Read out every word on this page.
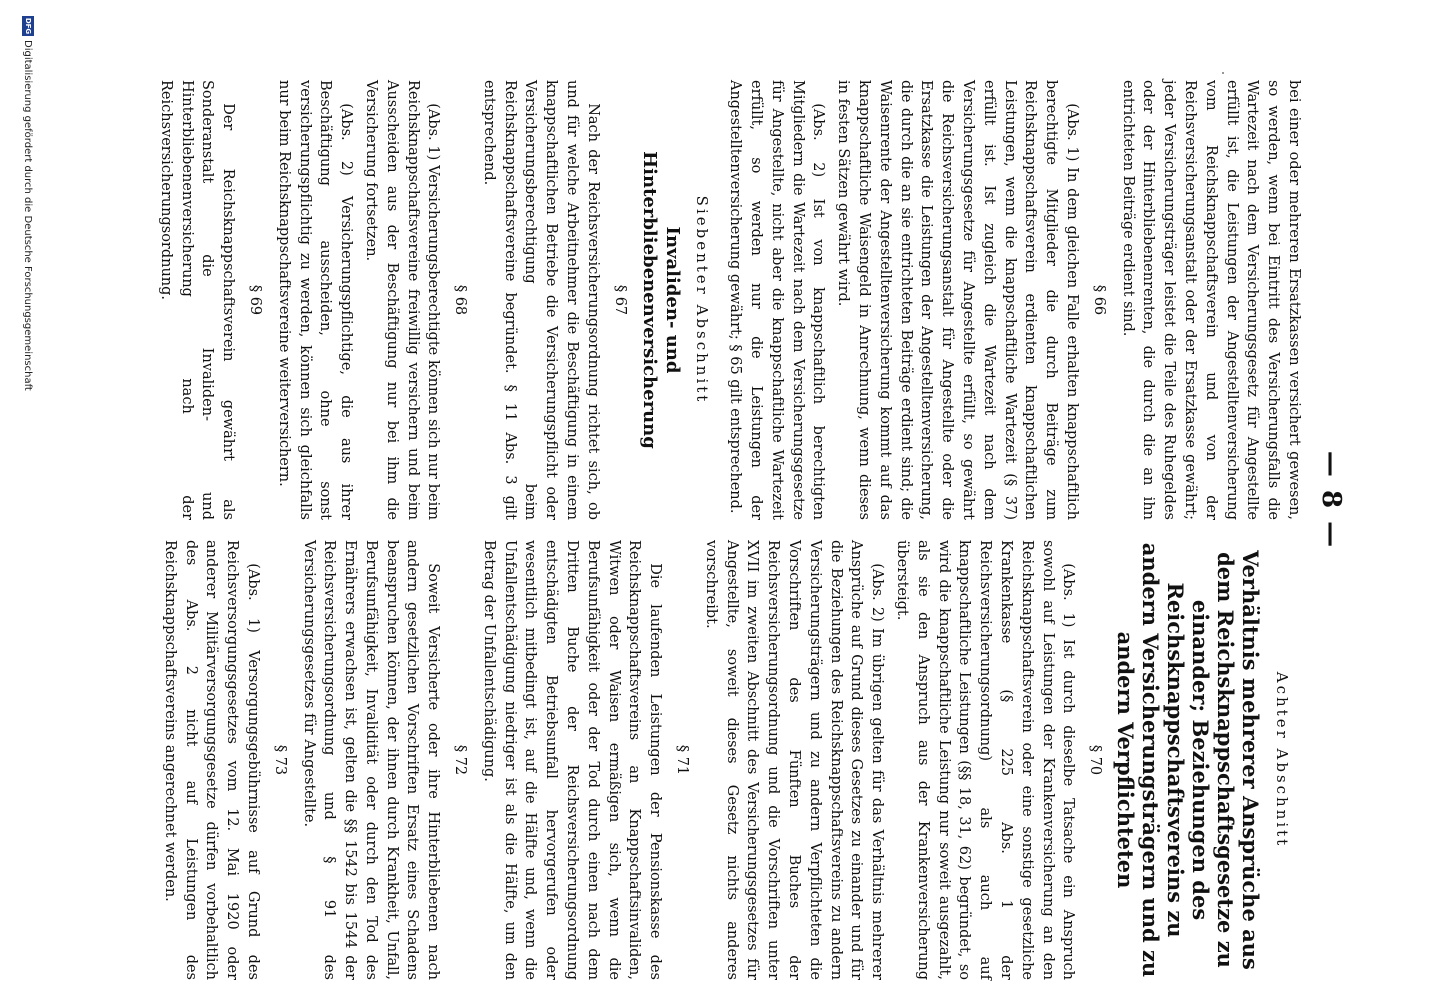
— 8 —

bei einer oder mehreren Ersatzkassen versichert gewesen, so werden, wenn bei Eintritt des Versicherungsfalls die Wartezeit nach dem Versicherungsgesetz für Angestellte erfüllt ist, die Leistungen der Angestelltenversicherung vom Reichsknappschaftsverein und von der Reichsversicherungsanstalt oder der Ersatzkasse gewährt; jeder Versicherungsträger leistet die Teile des Ruhegeldes oder der Hinterbliebenenrenten, die durch die an ihn entrichteten Beiträge erdient sind.

§ 66

(Abs. 1) In dem gleichen Falle erhalten knappschaftlich berechtigte Mitglieder die durch Beiträge zum Reichsknappschaftsverein erdienten knappschaftlichen Leistungen, wenn die knappschaftliche Wartezeit (§ 37) erfüllt ist. Ist zugleich die Wartezeit nach dem Versicherungsgesetze für Angestellte erfüllt, so gewährt die Reichsversicherungsanstalt für Angestellte oder die Ersatzkasse die Leistungen der Angestelltenversicherung, die durch die an sie entrichteten Beiträge erdient sind; die Waisenrente der Angestelltenversicherung kommt auf das knappschaftliche Waisengeld in Anrechnung, wenn dieses in festen Sätzen gewährt wird.

(Abs. 2) Ist von knappschaftlich berechtigten Mitgliedern die Wartezeit nach dem Versicherungsgesetze für Angestellte, nicht aber die knappschaftliche Wartezeit erfüllt, so werden nur die Leistungen der Angestelltenversicherung gewährt; § 65 gilt entsprechend.

Siebenter Abschnitt
Invaliden- und Hinterbliebenenversicherung
§ 67

Nach der Reichsversicherungsordnung richtet sich, ob und für welche Arbeitnehmer die Beschäftigung in einem knappschaftlichen Betriebe die Versicherungspflicht oder Versicherungsberechtigung beim Reichsknappschaftsvereine begründet. § 11 Abs. 3 gilt entsprechend.

§ 68

(Abs. 1) Versicherungsberechtigte können sich nur beim Reichsknappschaftsvereine freiwillig versichern und beim Ausscheiden aus der Beschäftigung nur bei ihm die Versicherung fortsetzen.

(Abs. 2) Versicherungspflichtige, die aus ihrer Beschäftigung ausscheiden, ohne sonst versicherungspflichtig zu werden, können sich gleichfalls nur beim Reichsknappschaftsvereine weiterversichern.

§ 69

Der Reichsknappschaftsverein gewährt als Sonderanstalt die Invaliden- und Hinterbliebenenversicherung nach der Reichsversicherungsordnung.

Achter Abschnitt
Verhältnis mehrerer Ansprüche aus dem Reichsknappschaftsgesetze zu einander; Beziehungen des Reichsknappschaftsvereins zu andern Versicherungsträgern und zu andern Verpflichteten
§ 70

(Abs. 1) Ist durch dieselbe Tatsache ein Anspruch sowohl auf Leistungen der Krankenversicherung an den Reichsknappschaftsverein oder eine sonstige gesetzliche Krankenkasse (§ 225 Abs. 1 der Reichsversicherungsordnung) als auch auf knappschaftliche Leistungen (§§ 18, 31, 62) begründet, so wird die knappschaftliche Leistung nur soweit ausgezahlt, als sie den Anspruch aus der Krankenversicherung übersteigt.

(Abs. 2) Im übrigen gelten für das Verhältnis mehrerer Ansprüche auf Grund dieses Gesetzes zu einander und für die Beziehungen des Reichsknappschaftsvereins zu andern Versicherungsträgern und zu andern Verpflichteten die Vorschriften des Fünften Buches der Reichsversicherungsordnung und die Vorschriften unter XVII im zweiten Abschnitt des Versicherungsgesetzes für Angestellte, soweit dieses Gesetz nichts anderes vorschreibt.

§ 71

Die laufenden Leistungen der Pensionskasse des Reichsknappschaftsvereins an Knappschaftsinvaliden, Witwen oder Waisen ermäßigen sich, wenn die Berufsunfähigkeit oder der Tod durch einen nach dem Dritten Buche der Reichsversicherungsordnung entschädigten Betriebsunfall hervorgerufen oder wesentlich mitbedingt ist, auf die Hälfte und, wenn die Unfallentschädigung niedriger ist als die Hälfte, um den Betrag der Unfallentschädigung.

§ 72

Soweit Versicherte oder ihre Hinterbliebenen nach andern gesetzlichen Vorschriften Ersatz eines Schadens beanspruchen können, der ihnen durch Krankheit, Unfall, Berufsunfähigkeit, Invalidität oder durch den Tod des Ernährers erwachsen ist, gelten die §§ 1542 bis 1544 der Reichsversicherungsordnung und § 91 des Versicherungsgesetzes für Angestellte.

§ 73

(Abs. 1) Versorgungsgebührnisse auf Grund des Reichsversorgungsgesetzes vom 12. Mai 1920 oder anderer Militärversorgungsgesetze dürfen vorbehaltlich des Abs. 2 nicht auf Leistungen des Reichsknappschaftsvereins angerechnet werden.

DFG
Digitalisierung gefördert durch die Deutsche Forschungsgemeinschaft
